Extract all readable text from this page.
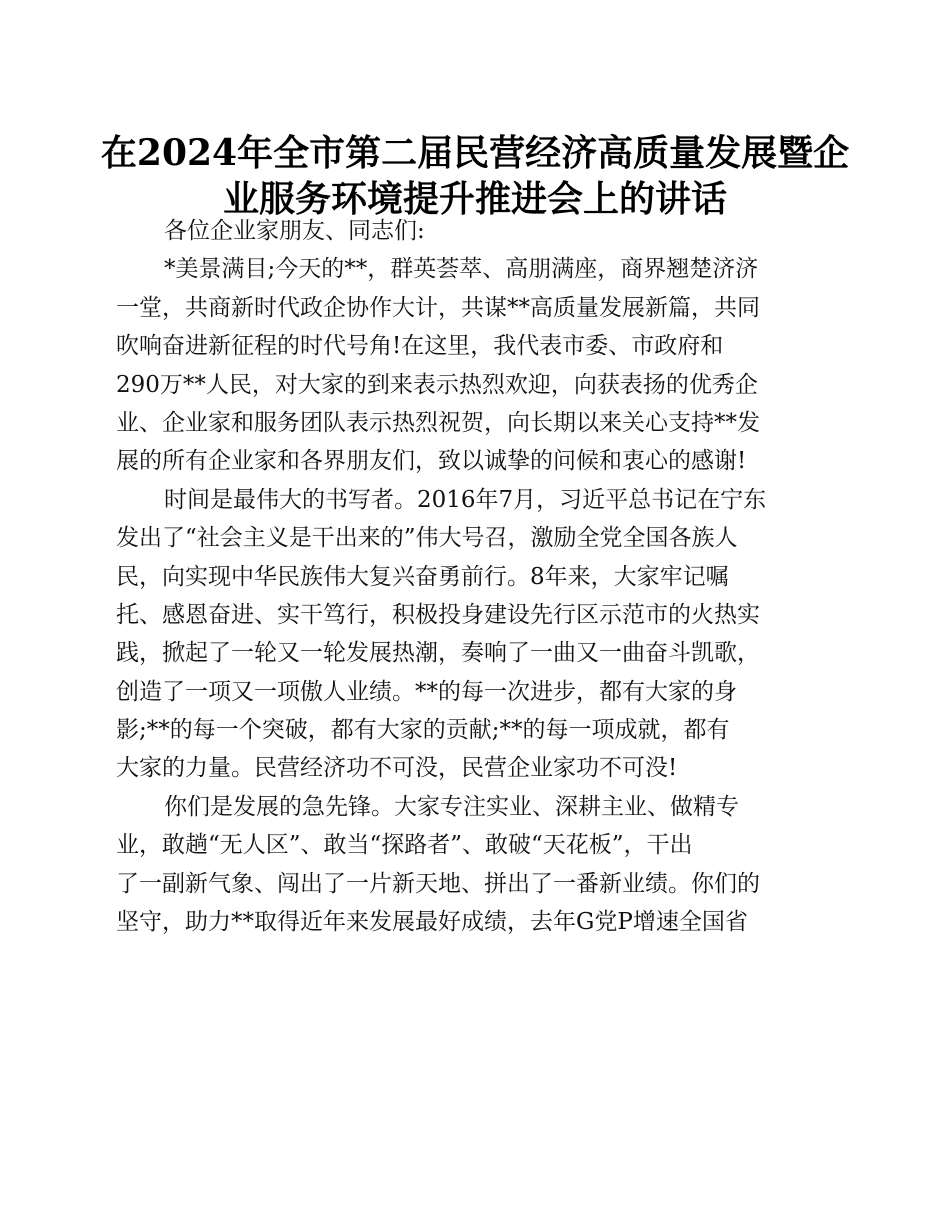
在2024年全市第二届民营经济高质量发展暨企
业服务环境提升推进会上的讲话
各位企业家朋友、同志们:
*美景满目;今天的**，群英荟萃、高朋满座，商界翘楚济济
一堂，共商新时代政企协作大计，共谋**高质量发展新篇，共同
吹响奋进新征程的时代号角!在这里，我代表市委、市政府和
290万**人民，对大家的到来表示热烈欢迎，向获表扬的优秀企
业、企业家和服务团队表示热烈祝贺，向长期以来关心支持**发
展的所有企业家和各界朋友们，致以诚挚的问候和衷心的感谢!
时间是最伟大的书写者。2016年7月，习近平总书记在宁东
发出了“社会主义是干出来的”伟大号召，激励全党全国各族人
民，向实现中华民族伟大复兴奋勇前行。8年来，大家牢记嘱
托、感恩奋进、实干笃行，积极投身建设先行区示范市的火热实
践，掀起了一轮又一轮发展热潮，奏响了一曲又一曲奋斗凯歌，
创造了一项又一项傲人业绩。**的每一次进步，都有大家的身
影;**的每一个突破，都有大家的贡献;**的每一项成就，都有
大家的力量。民营经济功不可没，民营企业家功不可没!
你们是发展的急先锋。大家专注实业、深耕主业、做精专
业，敢趟“无人区”、敢当“探路者”、敢破“天花板”，干出
了一副新气象、闯出了一片新天地、拼出了一番新业绩。你们的
坚守，助力**取得近年来发展最好成绩，去年G党P增速全国省
